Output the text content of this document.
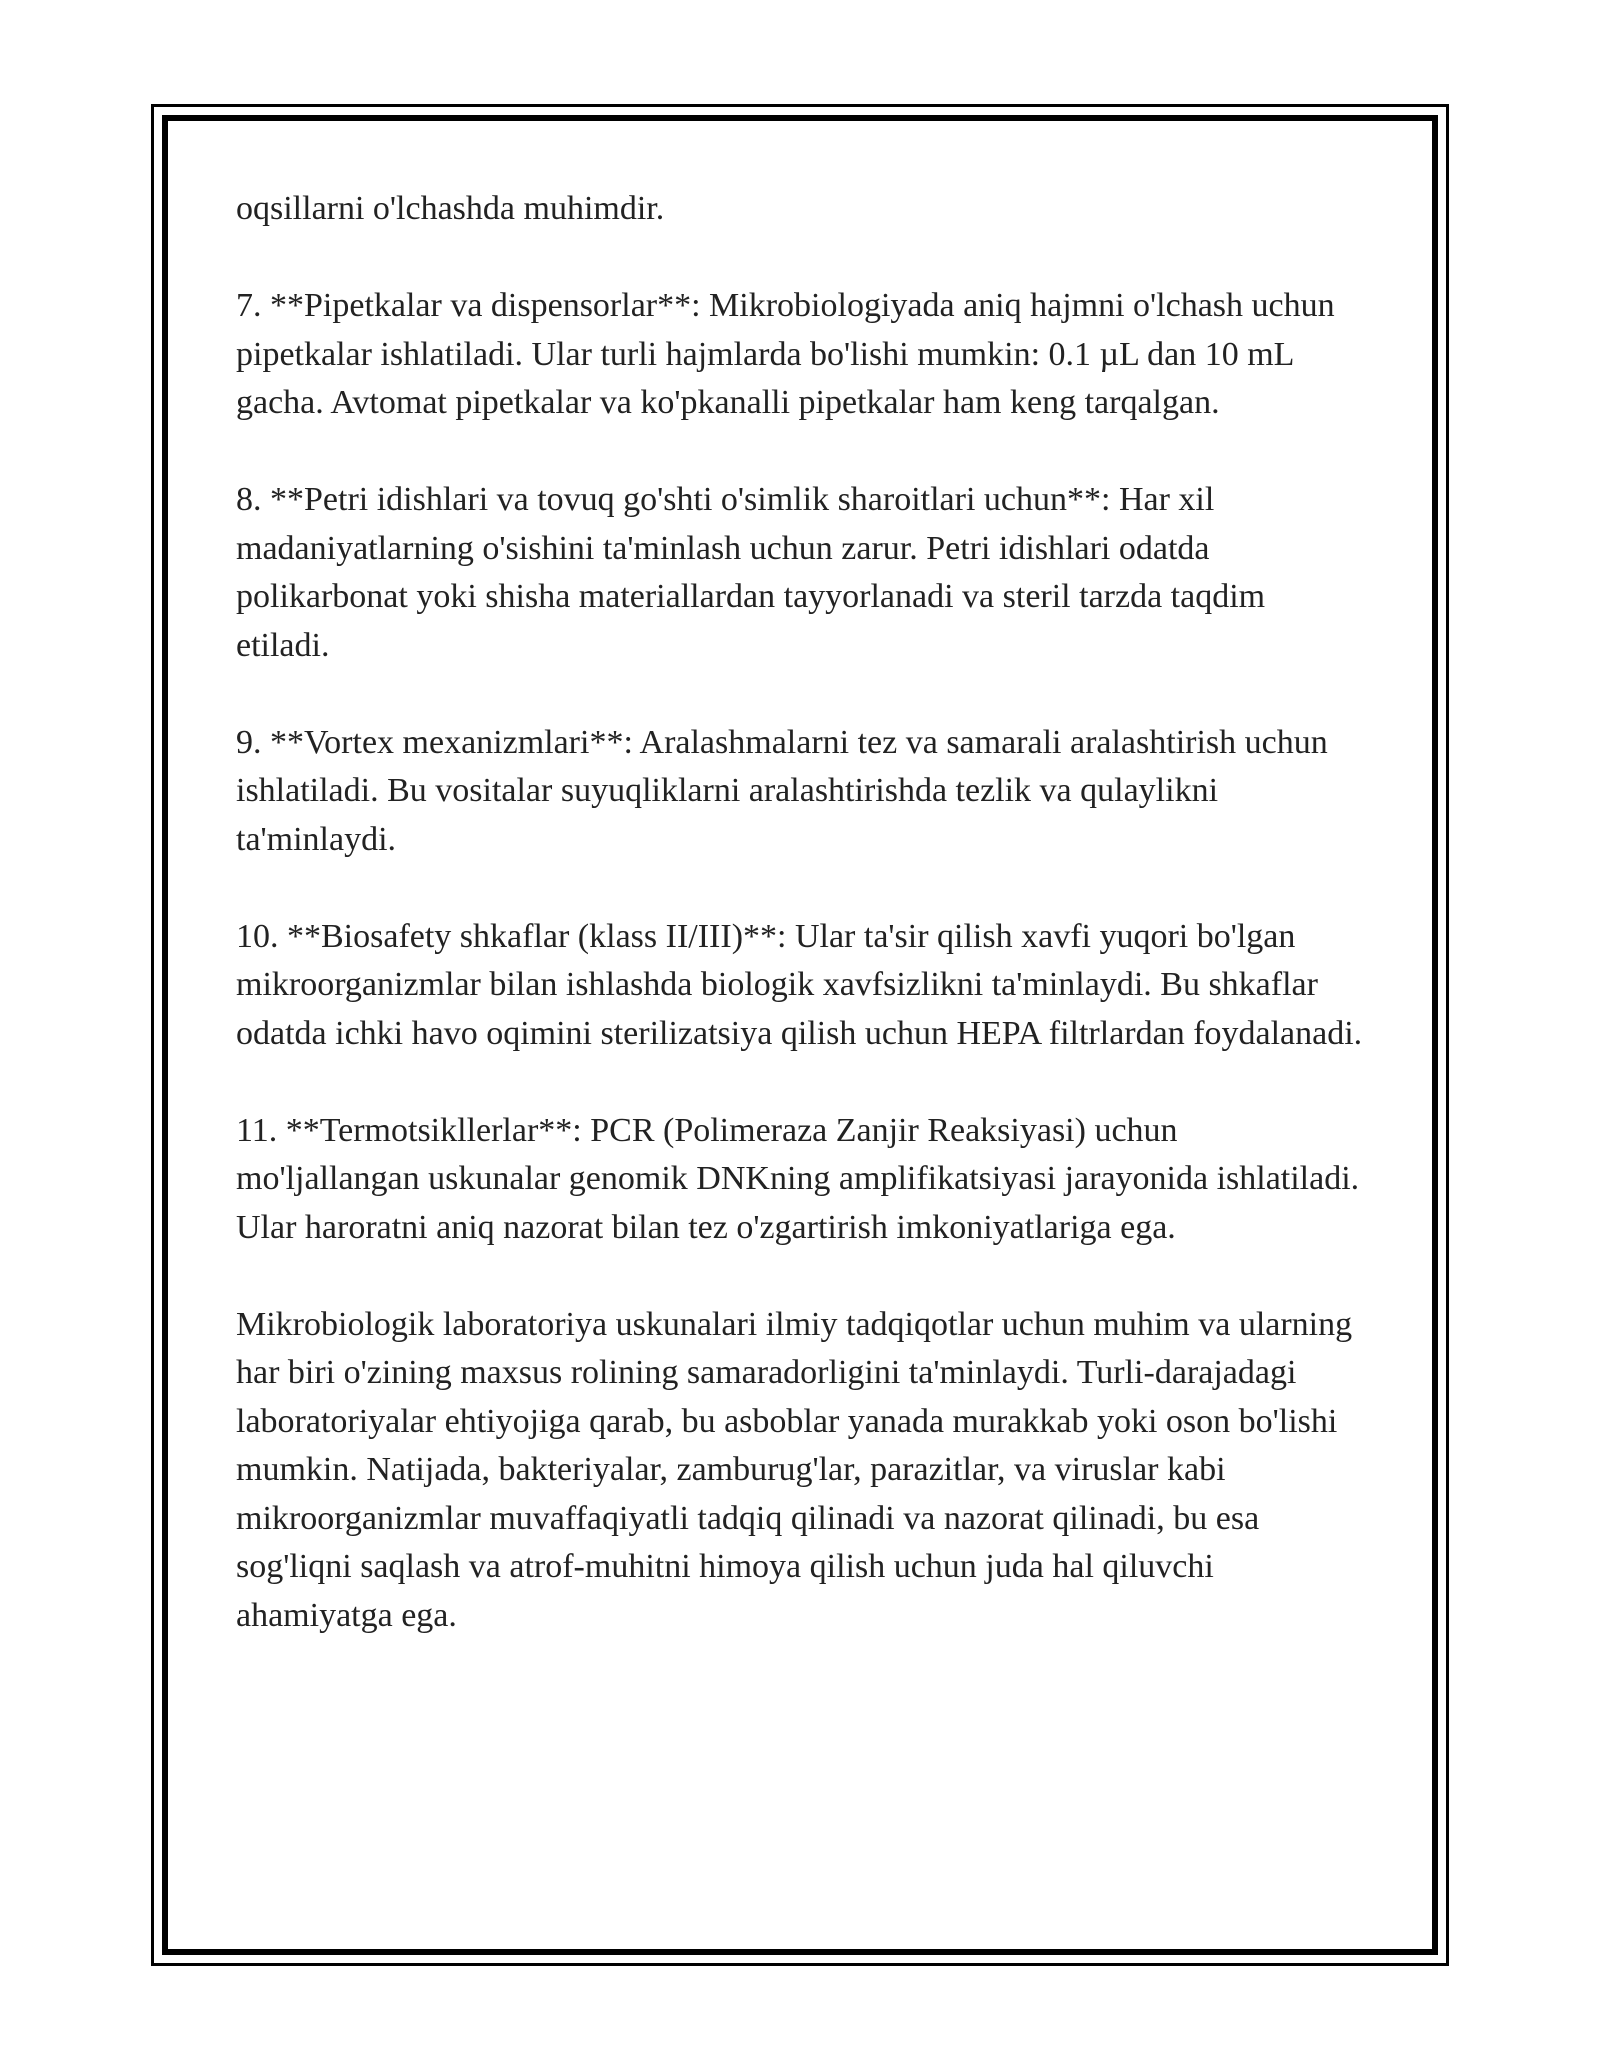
oqsillarni o'lchashda muhimdir.

7. **Pipetkalar va dispensorlar**: Mikrobiologiyada aniq hajmni o'lchash uchun pipetkalar ishlatiladi. Ular turli hajmlarda bo'lishi mumkin: 0.1 µL dan 10 mL gacha. Avtomat pipetkalar va ko'pkanalli pipetkalar ham keng tarqalgan.

8. **Petri idishlari va tovuq go'shti o'simlik sharoitlari uchun**: Har xil madaniyatlarning o'sishini ta'minlash uchun zarur. Petri idishlari odatda polikarbonat yoki shisha materiallardan tayyorlanadi va steril tarzda taqdim etiladi.

9. **Vortex mexanizmlari**: Aralashmalarni tez va samarali aralashtirish uchun ishlatiladi. Bu vositalar suyuqliklarni aralashtirishda tezlik va qulaylikni ta'minlaydi.

10. **Biosafety shkaflar (klass II/III)**: Ular ta'sir qilish xavfi yuqori bo'lgan mikroorganizmlar bilan ishlashda biologik xavfsizlikni ta'minlaydi. Bu shkaflar odatda ichki havo oqimini sterilizatsiya qilish uchun HEPA filtrlardan foydalanadi.

11. **Termotsikllerlar**: PCR (Polimeraza Zanjir Reaksiyasi) uchun mo'ljallangan uskunalar genomik DNKning amplifikatsiyasi jarayonida ishlatiladi. Ular haroratni aniq nazorat bilan tez o'zgartirish imkoniyatlariga ega.

Mikrobiologik laboratoriya uskunalari ilmiy tadqiqotlar uchun muhim va ularning har biri o'zining maxsus rolining samaradorligini ta'minlaydi. Turli-darajadagi laboratoriyalar ehtiyojiga qarab, bu asboblar yanada murakkab yoki oson bo'lishi mumkin. Natijada, bakteriyalar, zamburug'lar, parazitlar, va viruslar kabi mikroorganizmlar muvaffaqiyatli tadqiq qilinadi va nazorat qilinadi, bu esa sog'liqni saqlash va atrof-muhitni himoya qilish uchun juda hal qiluvchi ahamiyatga ega.
